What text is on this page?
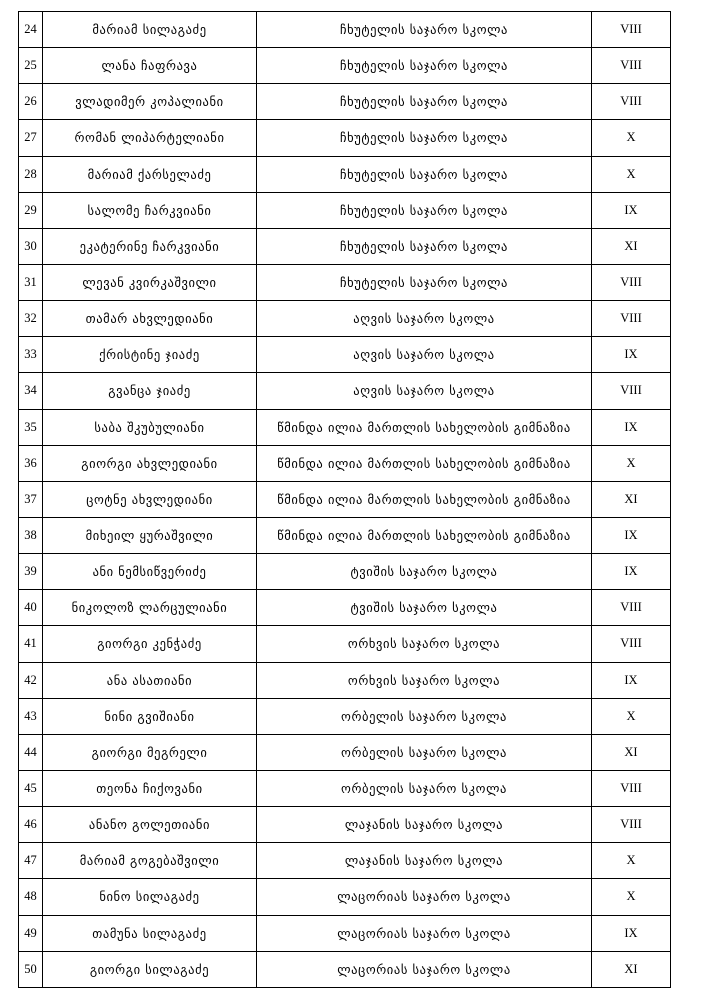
24	მარიამ სილაგაძე	ჩხუტელის საჯარო სკოლა	VIII
25	ლანა ჩაფრავა	ჩხუტელის საჯარო სკოლა	VIII
26	ვლადიმერ კოპალიანი	ჩხუტელის საჯარო სკოლა	VIII
27	რომან ლიპარტელიანი	ჩხუტელის საჯარო სკოლა	X
28	მარიამ ქარსელაძე	ჩხუტელის საჯარო სკოლა	X
29	სალომე ჩარკვიანი	ჩხუტელის საჯარო სკოლა	IX
30	ეკატერინე ჩარკვიანი	ჩხუტელის საჯარო სკოლა	XI
31	ლევან კვირკაშვილი	ჩხუტელის საჯარო სკოლა	VIII
32	თამარ ახვლედიანი	აღვის საჯარო სკოლა	VIII
33	ქრისტინე ჯიაძე	აღვის საჯარო სკოლა	IX
34	გვანცა ჯიაძე	აღვის საჯარო სკოლა	VIII
35	საბა შკუბულიანი	წმინდა ილია მართლის სახელობის გიმნაზია	IX
36	გიორგი ახვლედიანი	წმინდა ილია მართლის სახელობის გიმნაზია	X
37	ცოტნე ახვლედიანი	წმინდა ილია მართლის სახელობის გიმნაზია	XI
38	მიხეილ ყურაშვილი	წმინდა ილია მართლის სახელობის გიმნაზია	IX
39	ანი ნემსიწვერიძე	ტვიშის საჯარო სკოლა	IX
40	ნიკოლოზ ლარცულიანი	ტვიშის საჯარო სკოლა	VIII
41	გიორგი კენჭაძე	ორხვის საჯარო სკოლა	VIII
42	ანა ასათიანი	ორხვის საჯარო სკოლა	IX
43	ნინი გვიშიანი	ორბელის საჯარო სკოლა	X
44	გიორგი მეგრელი	ორბელის საჯარო სკოლა	XI
45	თეონა ჩიქოვანი	ორბელის საჯარო სკოლა	VIII
46	ანანო გოლეთიანი	ლაჯანის საჯარო სკოლა	VIII
47	მარიამ გოგებაშვილი	ლაჯანის საჯარო სკოლა	X
48	ნინო სილაგაძე	ლაცორიას საჯარო სკოლა	X
49	თამუნა სილაგაძე	ლაცორიას საჯარო სკოლა	IX
50	გიორგი სილაგაძე	ლაცორიას საჯარო სკოლა	XI
